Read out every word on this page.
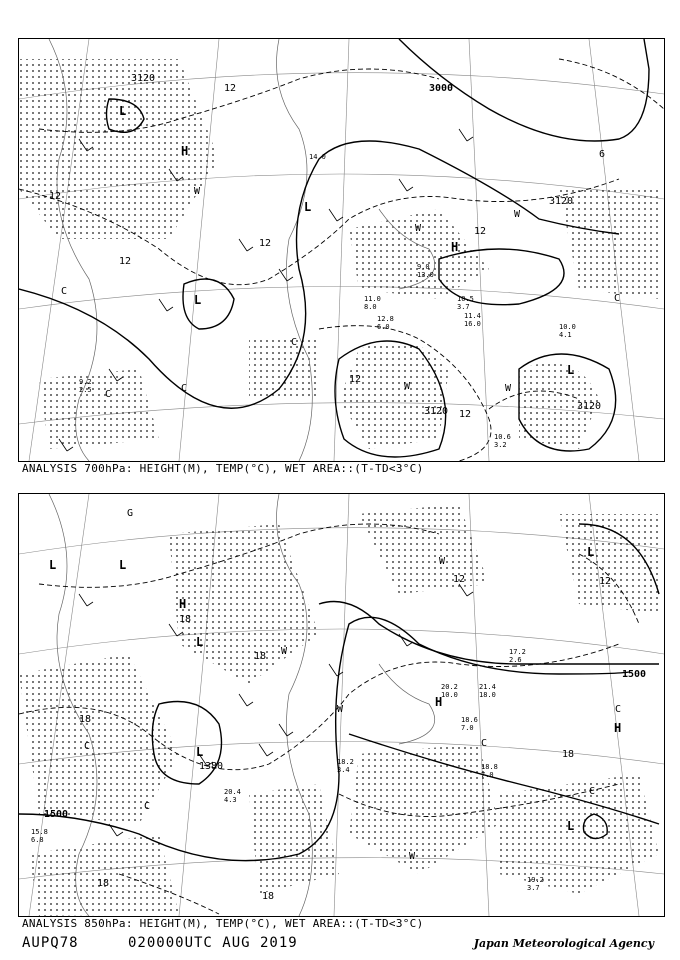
3000
3120
3120
3120	3120
12
12
12
12
12
6
12
12
L
H
L
L
L
H
C
C
C
C
C
W
W
W	W
W
11.0
8.0
10.5
3.7
12.8
6.0	16.0
11.4
10.0
4.1
10.6
3.2
14.0
9.0
13.0
9.2
2.5
ANALYSIS 700hPa: HEIGHT(M), TEMP(°C), WET AREA::(T-TD<3°C)
1500
1500
1380
18
18
18
18
12
18
12
18
L	L
H
L
L
H
L
H
L
C
C
C
C
C
W
W
W
W
G
20.2
10.0
21.4
18.0
18.6
7.0
18.8
7.0
17.2
2.6
19.2
3.7
20.4
4.3
18.2
3.4
15.8
6.8
ANALYSIS 850hPa: HEIGHT(M), TEMP(°C), WET AREA::(T-TD<3°C)
AUPQ78	020000UTC AUG 2019	Japan Meteorological Agency
